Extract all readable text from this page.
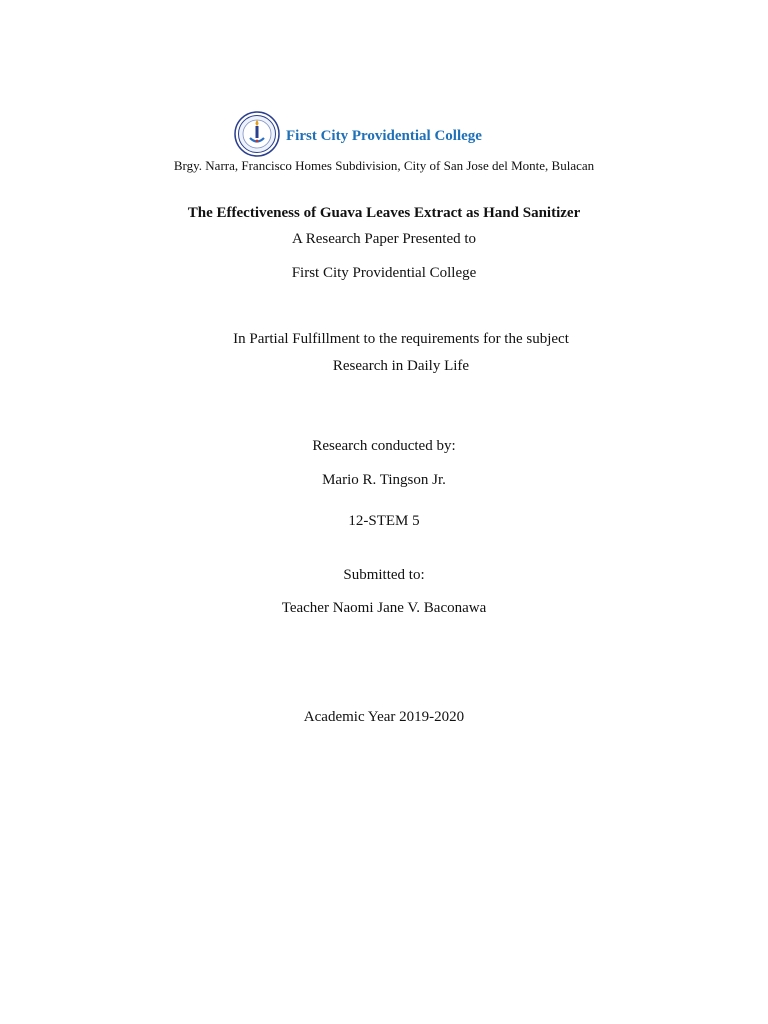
First City Providential College
Brgy. Narra, Francisco Homes Subdivision, City of San Jose del Monte, Bulacan
The Effectiveness of Guava Leaves Extract as Hand Sanitizer
A Research Paper Presented to
First City Providential College
In Partial Fulfillment to the requirements for the subject
Research in Daily Life
Research conducted by:
Mario R. Tingson Jr.
12-STEM 5
Submitted to:
Teacher Naomi Jane V. Baconawa
Academic Year 2019-2020
